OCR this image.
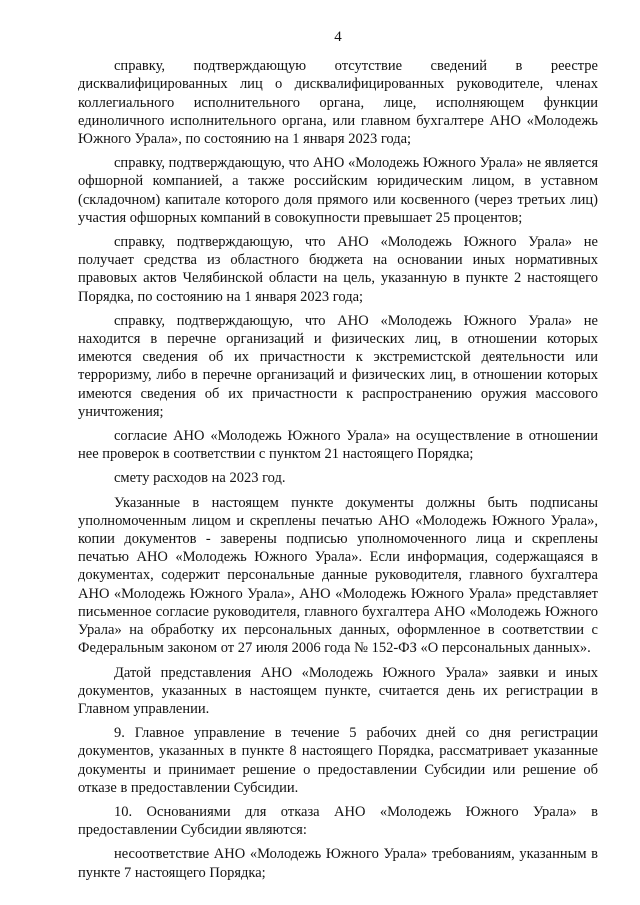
4

справку, подтверждающую отсутствие сведений в реестре дисквалифицированных лиц о дисквалифицированных руководителе, членах коллегиального исполнительного органа, лице, исполняющем функции единоличного исполнительного органа, или главном бухгалтере АНО «Молодежь Южного Урала», по состоянию на 1 января 2023 года;

справку, подтверждающую, что АНО «Молодежь Южного Урала» не является офшорной компанией, а также российским юридическим лицом, в уставном (складочном) капитале которого доля прямого или косвенного (через третьих лиц) участия офшорных компаний в совокупности превышает 25 процентов;

справку, подтверждающую, что АНО «Молодежь Южного Урала» не получает средства из областного бюджета на основании иных нормативных правовых актов Челябинской области на цель, указанную в пункте 2 настоящего Порядка, по состоянию на 1 января 2023 года;

справку, подтверждающую, что АНО «Молодежь Южного Урала» не находится в перечне организаций и физических лиц, в отношении которых имеются сведения об их причастности к экстремистской деятельности или терроризму, либо в перечне организаций и физических лиц, в отношении которых имеются сведения об их причастности к распространению оружия массового уничтожения;

согласие АНО «Молодежь Южного Урала» на осуществление в отношении нее проверок в соответствии с пунктом 21 настоящего Порядка;

смету расходов на 2023 год.

Указанные в настоящем пункте документы должны быть подписаны уполномоченным лицом и скреплены печатью АНО «Молодежь Южного Урала», копии документов - заверены подписью уполномоченного лица и скреплены печатью АНО «Молодежь Южного Урала». Если информация, содержащаяся в документах, содержит персональные данные руководителя, главного бухгалтера АНО «Молодежь Южного Урала», АНО «Молодежь Южного Урала» представляет письменное согласие руководителя, главного бухгалтера АНО «Молодежь Южного Урала» на обработку их персональных данных, оформленное в соответствии с Федеральным законом от 27 июля 2006 года № 152-ФЗ «О персональных данных».

Датой представления АНО «Молодежь Южного Урала» заявки и иных документов, указанных в настоящем пункте, считается день их регистрации в Главном управлении.

9. Главное управление в течение 5 рабочих дней со дня регистрации документов, указанных в пункте 8 настоящего Порядка, рассматривает указанные документы и принимает решение о предоставлении Субсидии или решение об отказе в предоставлении Субсидии.

10. Основаниями для отказа АНО «Молодежь Южного Урала» в предоставлении Субсидии являются:

несоответствие АНО «Молодежь Южного Урала» требованиям, указанным в пункте 7 настоящего Порядка;
